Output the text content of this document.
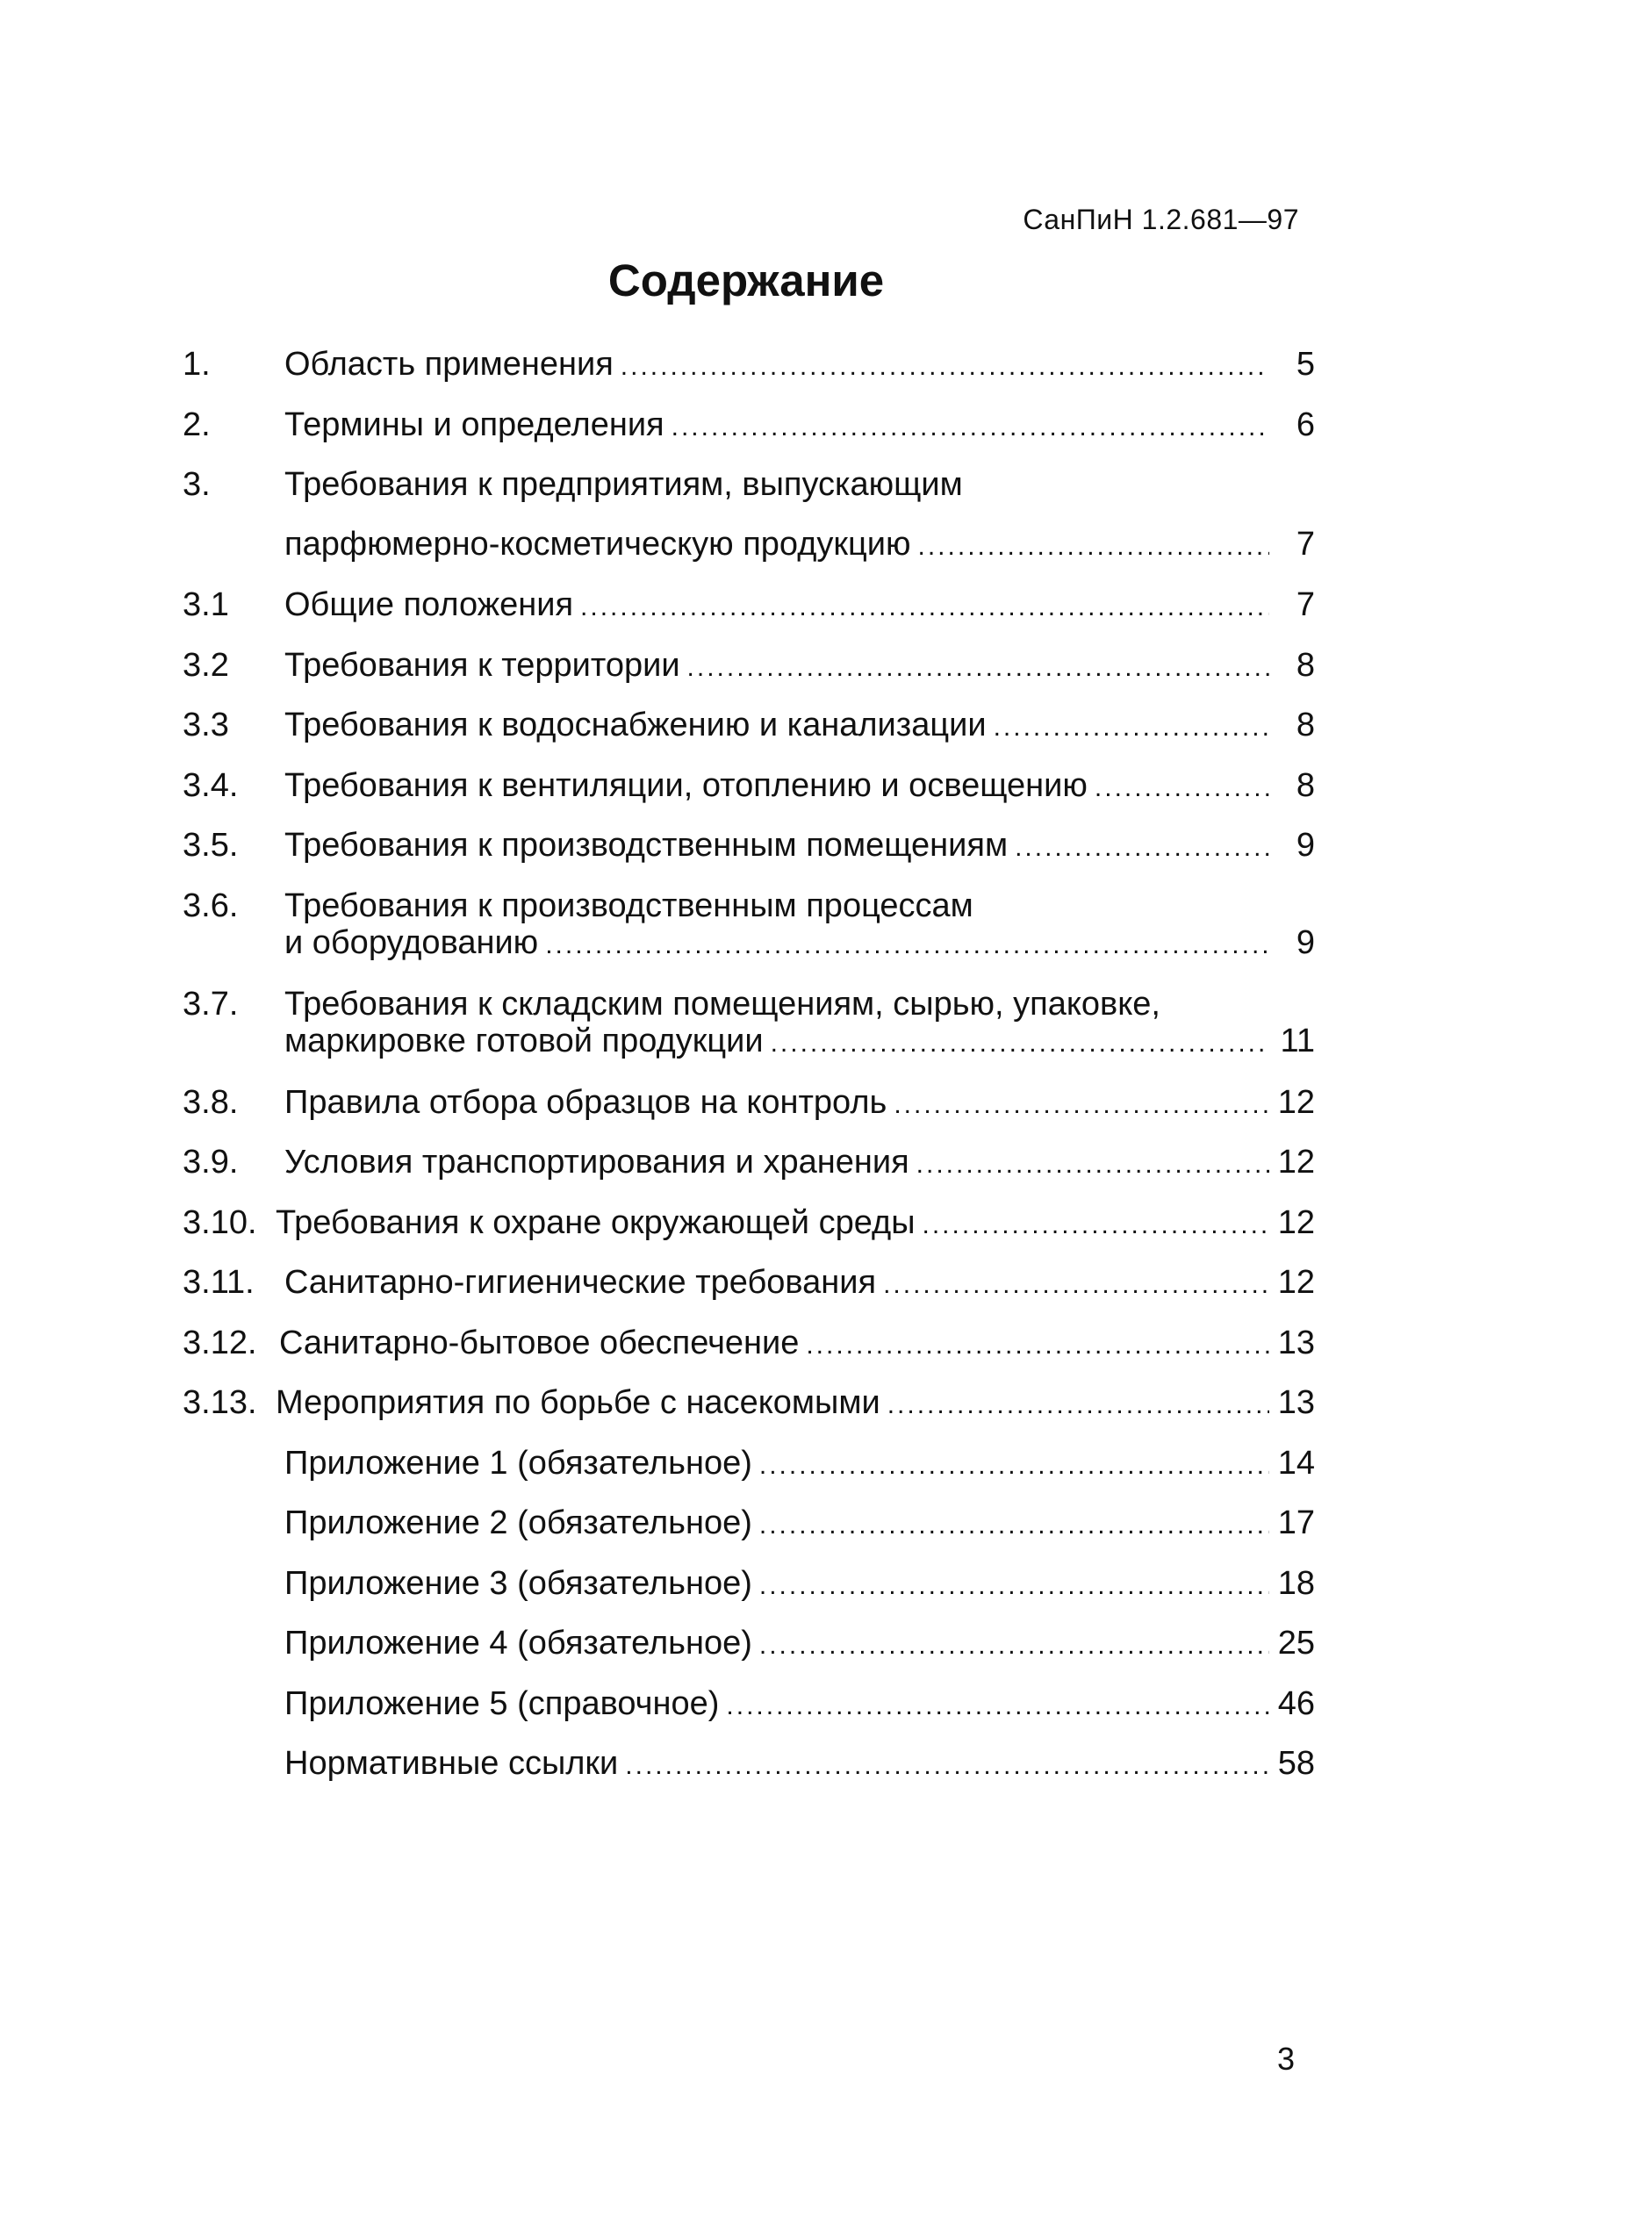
СанПиН 1.2.681—97
Содержание
1. Область применения .....	5
2. Термины и определения .....	6
3. Требования к предприятиям, выпускающим
парфюмерно-косметическую продукцию .....	7
3.1 Общие положения .....	7
3.2 Требования к территории .....	8
3.3 Требования к водоснабжению и канализации .....	8
3.4. Требования к вентиляции, отоплению и освещению .....	8
3.5. Требования к производственным помещениям .....	9
3.6. Требования к производственным процессам
и оборудованию .....	9
3.7. Требования к складским помещениям, сырью, упаковке,
маркировке готовой продукции .....	11
3.8. Правила отбора образцов на контроль .....	12
3.9. Условия транспортирования и хранения .....	12
3.10. Требования к охране окружающей среды .....	12
3.11. Санитарно-гигиенические требования .....	12
3.12. Санитарно-бытовое обеспечение .....	13
3.13. Мероприятия по борьбе с насекомыми .....	13
Приложение 1 (обязательное) .....	14
Приложение 2 (обязательное) .....	17
Приложение 3 (обязательное) .....	18
Приложение 4 (обязательное) .....	25
Приложение 5 (справочное) .....	46
Нормативные ссылки .....	58
3
